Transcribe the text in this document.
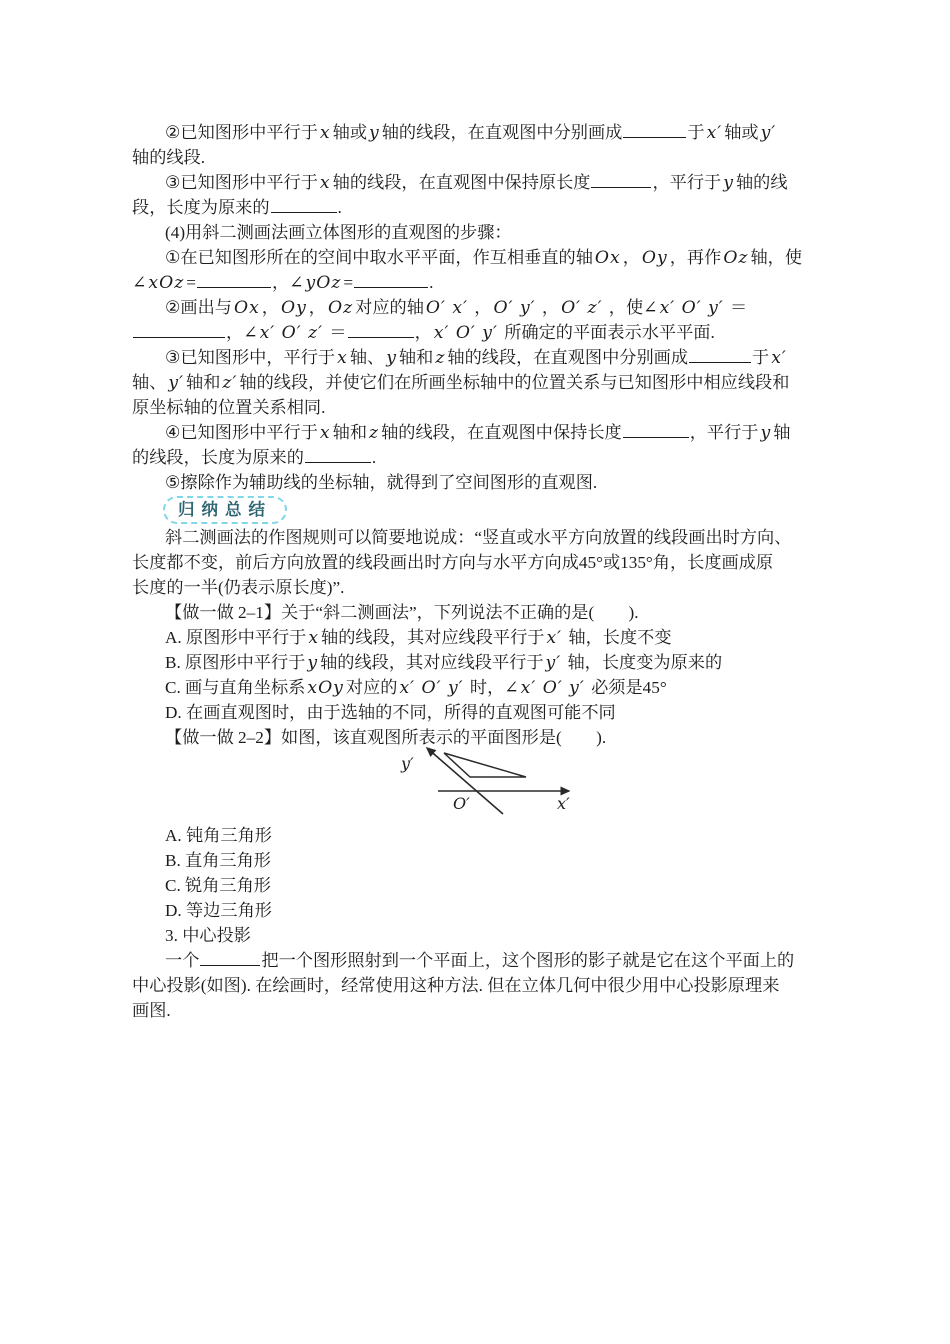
②已知图形中平行于 x 轴或 y 轴的线段，在直观图中分别画成	于 x′ 轴或 y′
轴的线段.
③已知图形中平行于 x 轴的线段，在直观图中保持原长度	，平行于 y 轴的线
段，长度为原来的	.
(4)用斜二测画法画立体图形的直观图的步骤：
①在已知图形所在的空间中取水平平面，作互相垂直的轴 Ox ， Oy ，再作 Oz 轴，使
∠ xOz =	，∠ yOz =	.
②画出与 Ox ， Oy ， Oz 对应的轴 O′ x′ ， O′ y′ ， O′ z′ ，使∠ x′ O′ y′ ＝
，∠ x′ O′ z′ ＝	， x′ O′ y′ 所确定的平面表示水平平面.
③已知图形中，平行于 x 轴、 y 轴和 z 轴的线段，在直观图中分别画成	于 x′
轴、 y′ 轴和 z′ 轴的线段，并使它们在所画坐标轴中的位置关系与已知图形中相应线段和
原坐标轴的位置关系相同.
④已知图形中平行于 x 轴和 z 轴的线段，在直观图中保持长度	，平行于 y 轴
的线段，长度为原来的	.
⑤擦除作为辅助线的坐标轴，就得到了空间图形的直观图.
归纳总结
斜二测画法的作图规则可以简要地说成：“竖直或水平方向放置的线段画出时方向、
长度都不变，前后方向放置的线段画出时方向与水平方向成45°或135°角，长度画成原
长度的一半(仍表示原长度)”.
【做一做 2–1】关于“斜二测画法”，下列说法不正确的是(　　).
A. 原图形中平行于 x 轴的线段，其对应线段平行于 x′ 轴，长度不变
B. 原图形中平行于 y 轴的线段，其对应线段平行于 y′ 轴，长度变为原来的
C. 画与直角坐标系 xOy 对应的 x′ O′ y′ 时，∠ x′ O′ y′ 必须是45°
D. 在画直观图时，由于选轴的不同，所得的直观图可能不同
【做一做 2–2】如图，该直观图所表示的平面图形是(　　).
A. 钝角三角形
B. 直角三角形
C. 锐角三角形
D. 等边三角形
3. 中心投影
一个	把一个图形照射到一个平面上，这个图形的影子就是它在这个平面上的
中心投影(如图). 在绘画时，经常使用这种方法. 但在立体几何中很少用中心投影原理来
画图.
y′
O′	x′
